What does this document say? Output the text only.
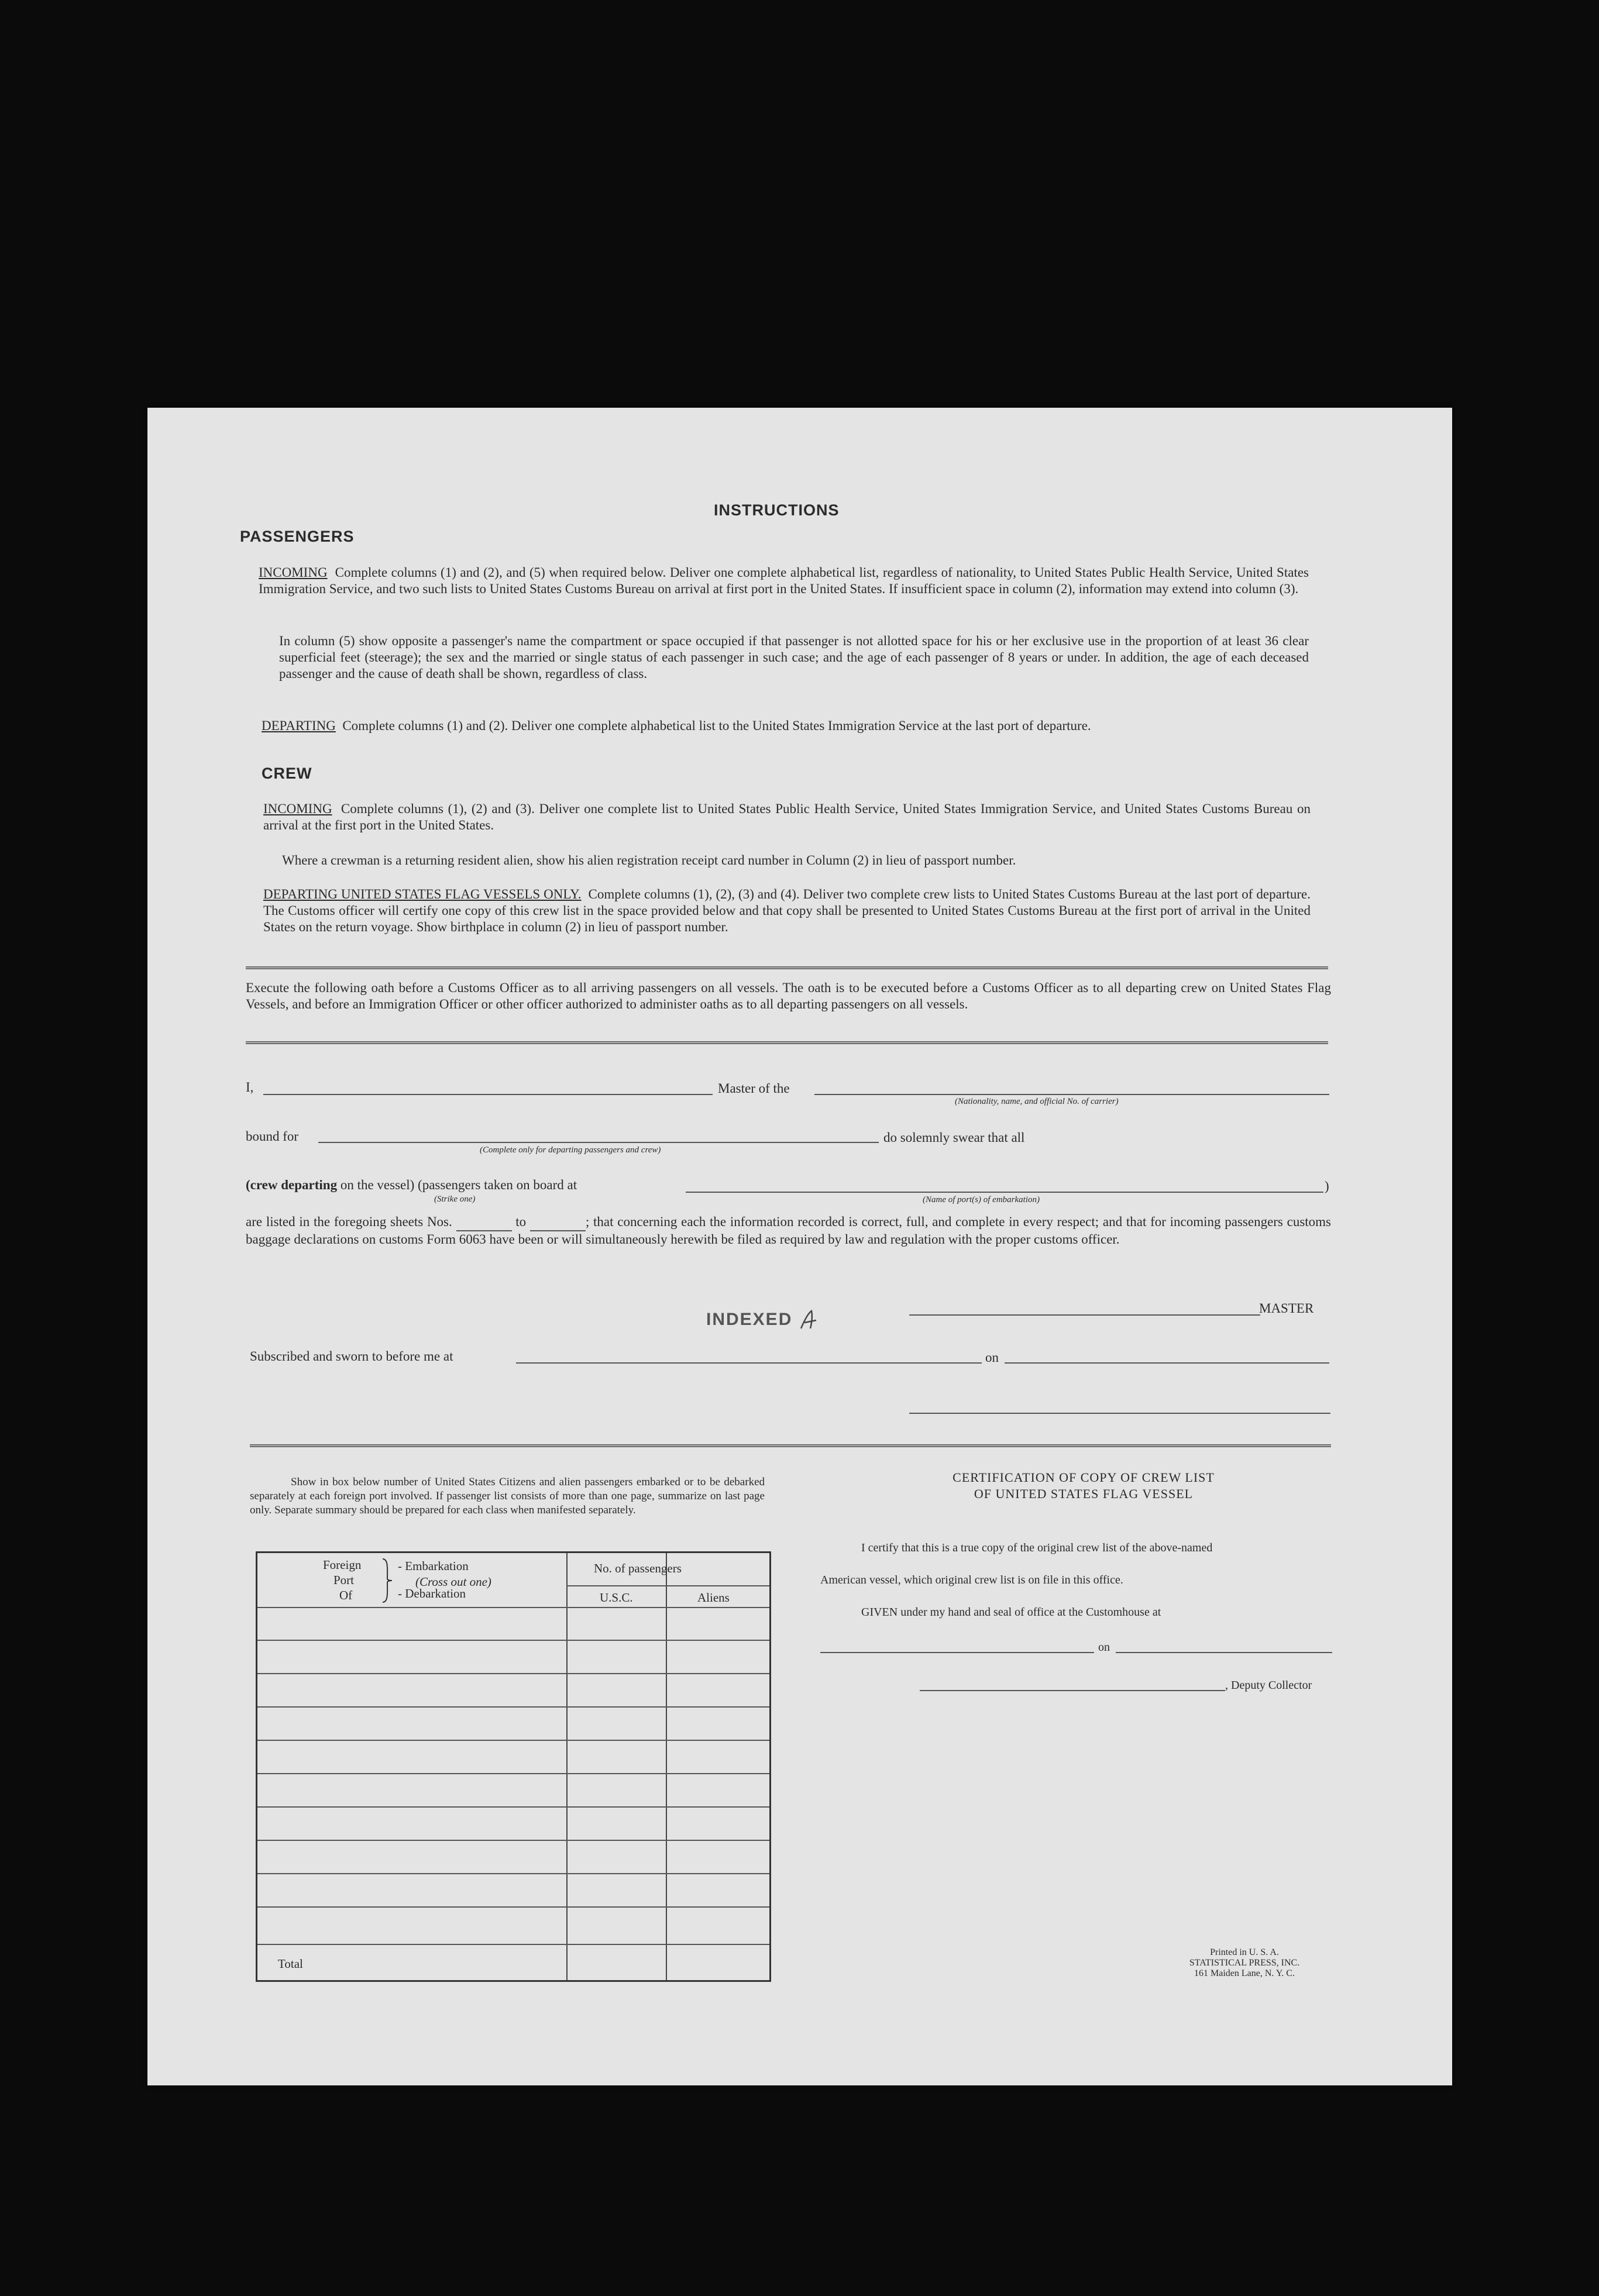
INSTRUCTIONS
PASSENGERS
INCOMING Complete columns (1) and (2), and (5) when required below. Deliver one complete alphabetical list, regardless of nationality, to United States Public Health Service, United States Immigration Service, and two such lists to United States Customs Bureau on arrival at first port in the United States. If insufficient space in column (2), information may extend into column (3).
In column (5) show opposite a passenger's name the compartment or space occupied if that passenger is not allotted space for his or her exclusive use in the proportion of at least 36 clear superficial feet (steerage); the sex and the married or single status of each passenger in such case; and the age of each passenger of 8 years or under. In addition, the age of each deceased passenger and the cause of death shall be shown, regardless of class.
DEPARTING Complete columns (1) and (2). Deliver one complete alphabetical list to the United States Immigration Service at the last port of departure.
CREW
INCOMING Complete columns (1), (2) and (3). Deliver one complete list to United States Public Health Service, United States Immigration Service, and United States Customs Bureau on arrival at the first port in the United States.
Where a crewman is a returning resident alien, show his alien registration receipt card number in Column (2) in lieu of passport number.
DEPARTING UNITED STATES FLAG VESSELS ONLY. Complete columns (1), (2), (3) and (4). Deliver two complete crew lists to United States Customs Bureau at the last port of departure. The Customs officer will certify one copy of this crew list in the space provided below and that copy shall be presented to United States Customs Bureau at the first port of arrival in the United States on the return voyage. Show birthplace in column (2) in lieu of passport number.
Execute the following oath before a Customs Officer as to all arriving passengers on all vessels. The oath is to be executed before a Customs Officer as to all departing crew on United States Flag Vessels, and before an Immigration Officer or other officer authorized to administer oaths as to all departing passengers on all vessels.
I,	Master of the
(Nationality, name, and official No. of carrier)
bound for
(Complete only for departing passengers and crew)
do solemnly swear that all
(crew departing on the vessel) (passengers taken on board at	)
(Strike one)	(Name of port(s) of embarkation)
are listed in the foregoing sheets Nos.	to	; that concerning each the information recorded is correct, full, and complete in every respect; and that for incoming passengers customs baggage declarations on customs Form 6063 have been or will simultaneously herewith be filed as required by law and regulation with the proper customs officer.
INDEXED
MASTER
Subscribed and sworn to before me at	on
Show in box below number of United States Citizens and alien passengers embarked or to be debarked separately at each foreign port involved. If passenger list consists of more than one page, summarize on last page only. Separate summary should be prepared for each class when manifested separately.
Foreign
Port
Of
- Embarkation
(Cross out one)
- Debarkation
No. of passengers
U.S.C.	Aliens
Total
CERTIFICATION OF COPY OF CREW LIST
OF UNITED STATES FLAG VESSEL
I certify that this is a true copy of the original crew list of the above-named
American vessel, which original crew list is on file in this office.
GIVEN under my hand and seal of office at the Customhouse at
on
, Deputy Collector
Printed in U. S. A.
STATISTICAL PRESS, INC.
161 Maiden Lane, N. Y. C.
